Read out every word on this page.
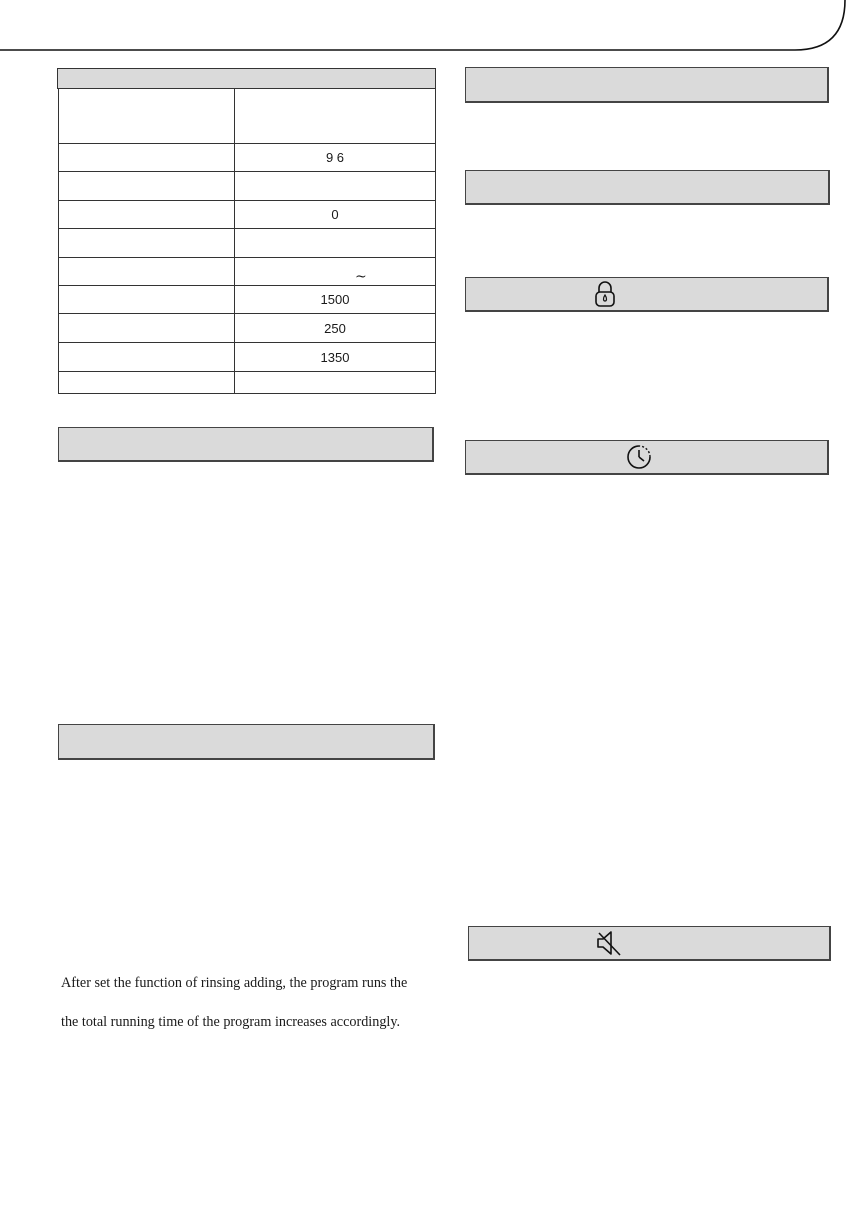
	9 6

	0

	~

	1500
	250
	1350

After set the function of rinsing adding, the program runs the

the total running time of the program increases accordingly.
